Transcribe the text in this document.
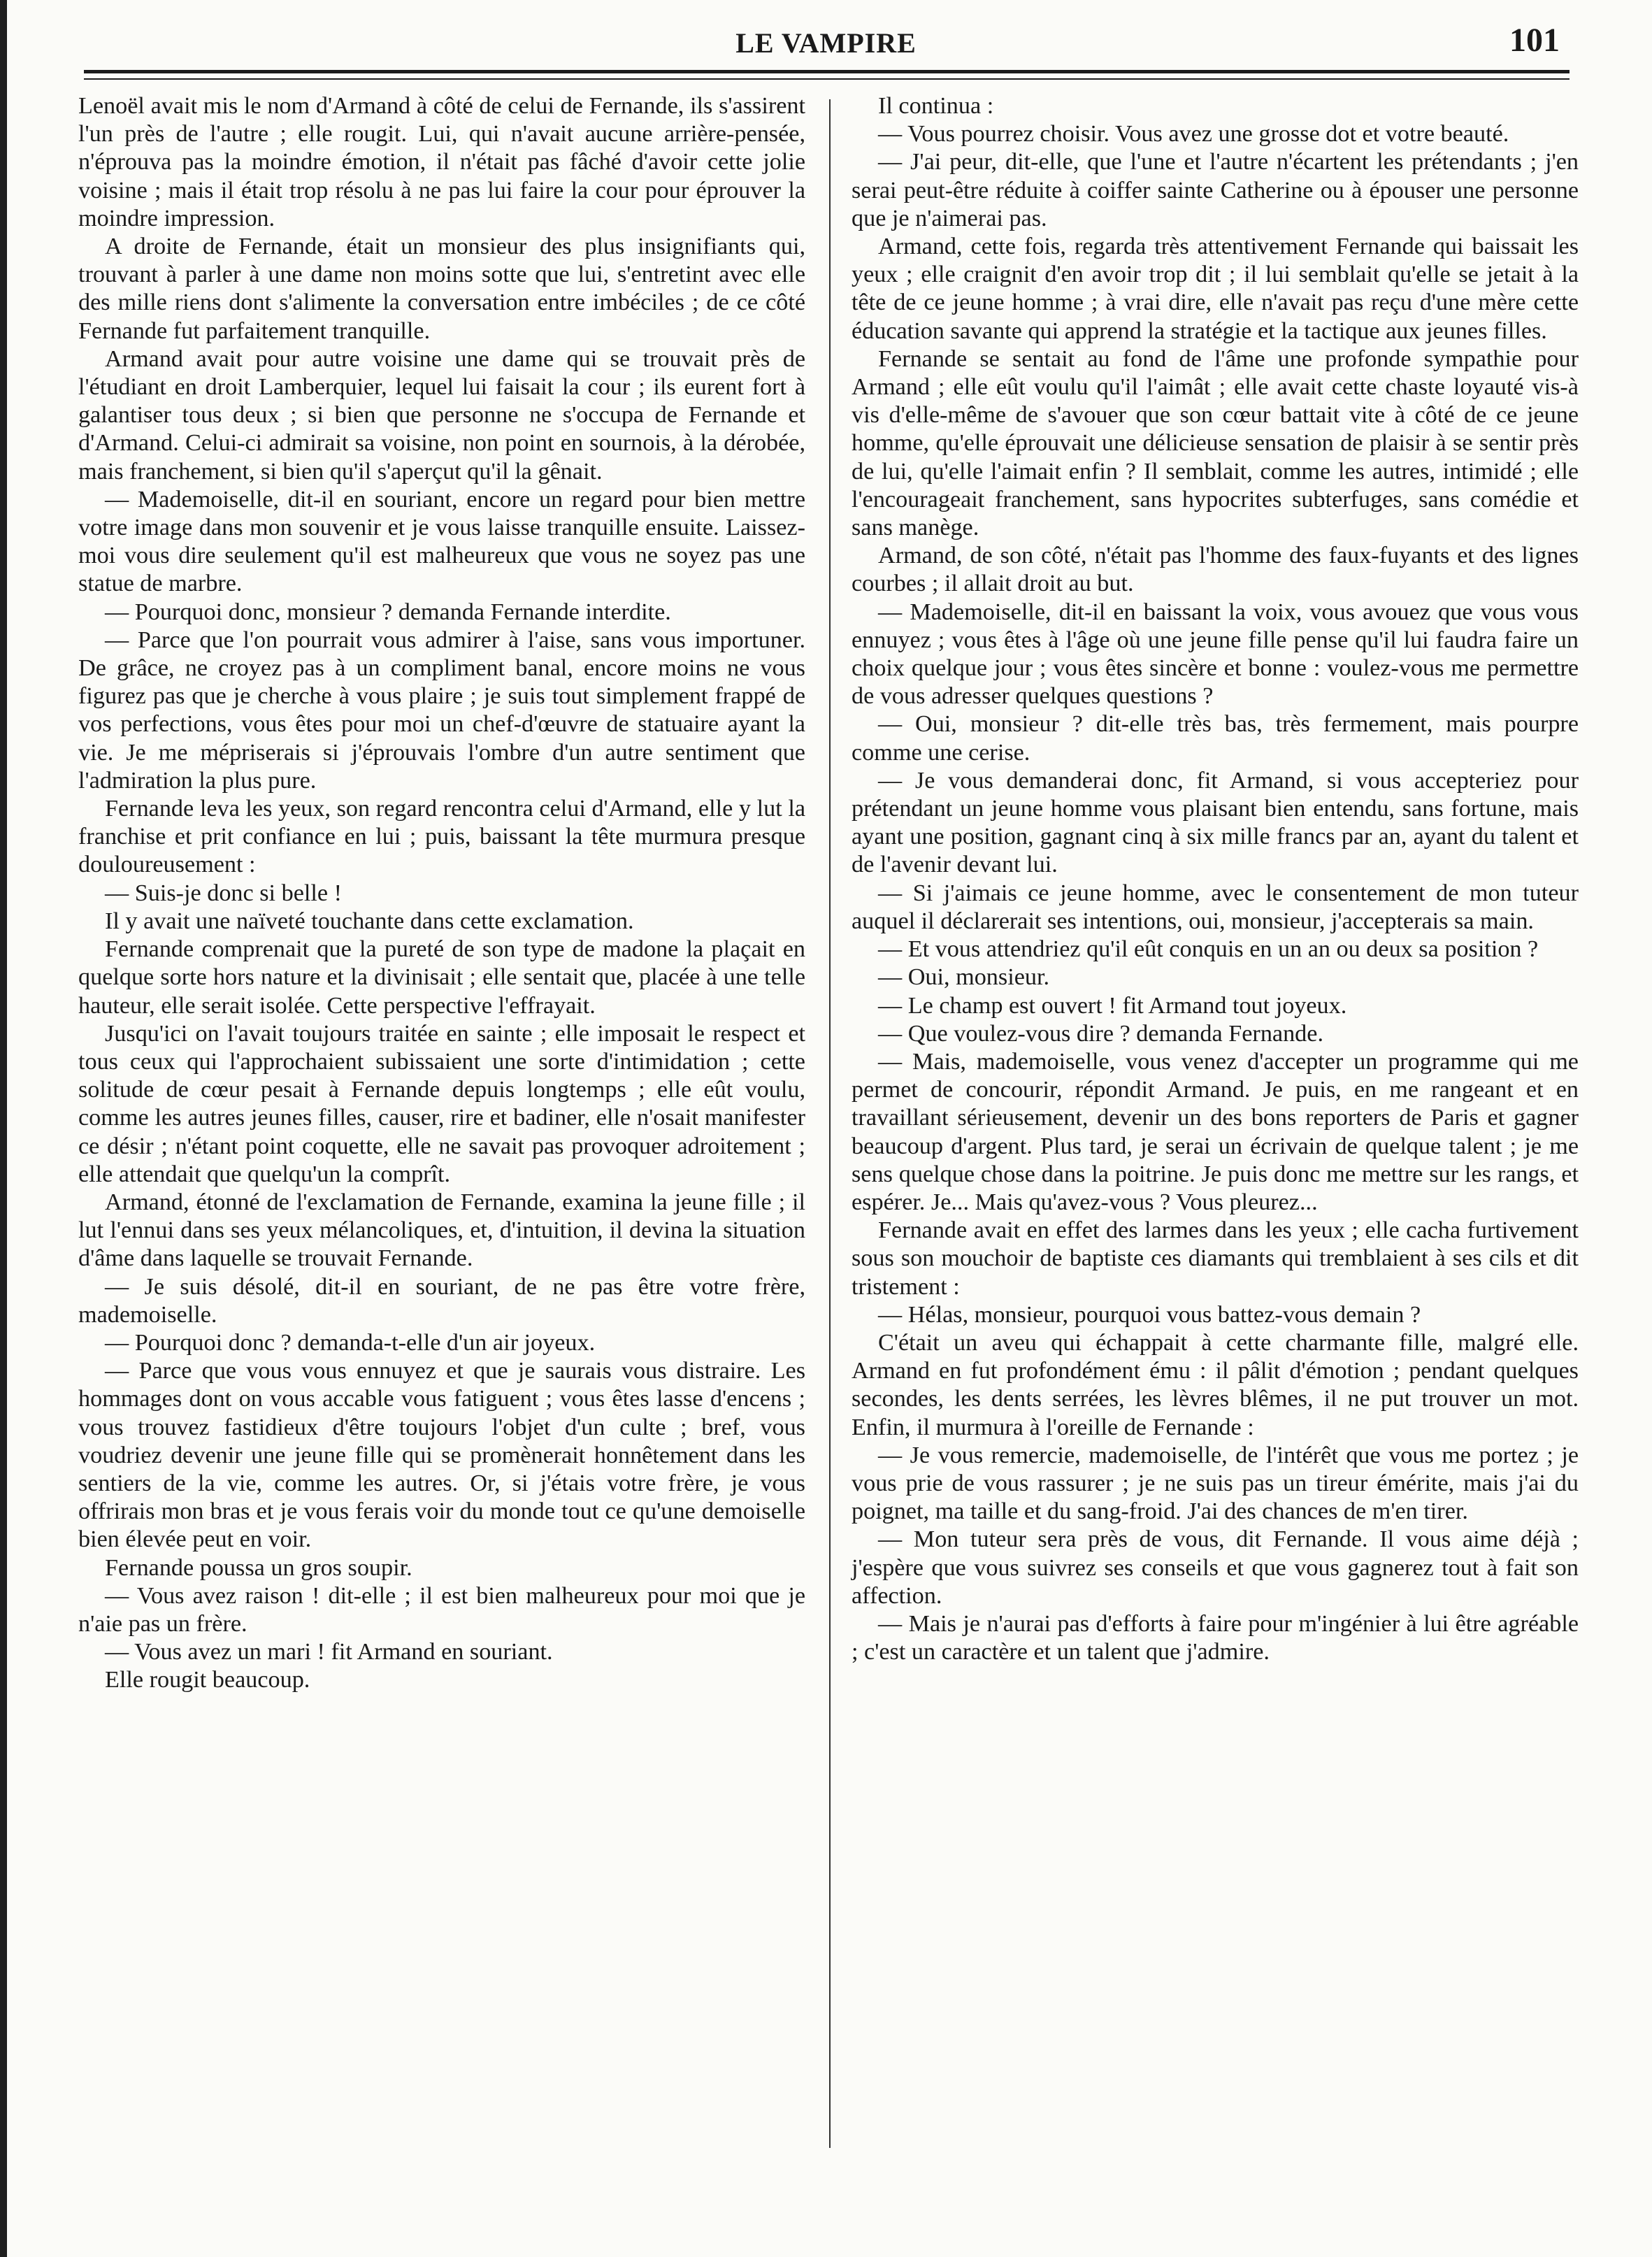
LE VAMPIRE	101

Lenoël avait mis le nom d'Armand à côté de celui de Fernande, ils s'assirent l'un près de l'autre ; elle rougit. Lui, qui n'avait aucune arrière-pensée, n'éprouva pas la moindre émotion, il n'était pas fâché d'avoir cette jolie voisine ; mais il était trop résolu à ne pas lui faire la cour pour éprouver la moindre impression.

A droite de Fernande, était un monsieur des plus insignifiants qui, trouvant à parler à une dame non moins sotte que lui, s'entretint avec elle des mille riens dont s'alimente la conversation entre imbéciles ; de ce côté Fernande fut parfaitement tranquille.

Armand avait pour autre voisine une dame qui se trouvait près de l'étudiant en droit Lamberquier, lequel lui faisait la cour ; ils eurent fort à galantiser tous deux ; si bien que personne ne s'occupa de Fernande et d'Armand. Celui-ci admirait sa voisine, non point en sournois, à la dérobée, mais franchement, si bien qu'il s'aperçut qu'il la gênait.

— Mademoiselle, dit-il en souriant, encore un regard pour bien mettre votre image dans mon souvenir et je vous laisse tranquille ensuite. Laissez-moi vous dire seulement qu'il est malheureux que vous ne soyez pas une statue de marbre.

— Pourquoi donc, monsieur ? demanda Fernande interdite.

— Parce que l'on pourrait vous admirer à l'aise, sans vous importuner. De grâce, ne croyez pas à un compliment banal, encore moins ne vous figurez pas que je cherche à vous plaire ; je suis tout simplement frappé de vos perfections, vous êtes pour moi un chef-d'œuvre de statuaire ayant la vie. Je me mépriserais si j'éprouvais l'ombre d'un autre sentiment que l'admiration la plus pure.

Fernande leva les yeux, son regard rencontra celui d'Armand, elle y lut la franchise et prit confiance en lui ; puis, baissant la tête murmura presque douloureusement :

— Suis-je donc si belle !

Il y avait une naïveté touchante dans cette exclamation.

Fernande comprenait que la pureté de son type de madone la plaçait en quelque sorte hors nature et la divinisait ; elle sentait que, placée à une telle hauteur, elle serait isolée. Cette perspective l'effrayait.

Jusqu'ici on l'avait toujours traitée en sainte ; elle imposait le respect et tous ceux qui l'approchaient subissaient une sorte d'intimidation ; cette solitude de cœur pesait à Fernande depuis longtemps ; elle eût voulu, comme les autres jeunes filles, causer, rire et badiner, elle n'osait manifester ce désir ; n'étant point coquette, elle ne savait pas provoquer adroitement ; elle attendait que quelqu'un la comprît.

Armand, étonné de l'exclamation de Fernande, examina la jeune fille ; il lut l'ennui dans ses yeux mélancoliques, et, d'intuition, il devina la situation d'âme dans laquelle se trouvait Fernande.

— Je suis désolé, dit-il en souriant, de ne pas être votre frère, mademoiselle.

— Pourquoi donc ? demanda-t-elle d'un air joyeux.

— Parce que vous vous ennuyez et que je saurais vous distraire. Les hommages dont on vous accable vous fatiguent ; vous êtes lasse d'encens ; vous trouvez fastidieux d'être toujours l'objet d'un culte ; bref, vous voudriez devenir une jeune fille qui se promènerait honnêtement dans les sentiers de la vie, comme les autres. Or, si j'étais votre frère, je vous offrirais mon bras et je vous ferais voir du monde tout ce qu'une demoiselle bien élevée peut en voir.

Fernande poussa un gros soupir.

— Vous avez raison ! dit-elle ; il est bien malheureux pour moi que je n'aie pas un frère.

— Vous avez un mari ! fit Armand en souriant.

Elle rougit beaucoup.

Il continua :

— Vous pourrez choisir. Vous avez une grosse dot et votre beauté.

— J'ai peur, dit-elle, que l'une et l'autre n'écartent les prétendants ; j'en serai peut-être réduite à coiffer sainte Catherine ou à épouser une personne que je n'aimerai pas.

Armand, cette fois, regarda très attentivement Fernande qui baissait les yeux ; elle craignit d'en avoir trop dit ; il lui semblait qu'elle se jetait à la tête de ce jeune homme ; à vrai dire, elle n'avait pas reçu d'une mère cette éducation savante qui apprend la stratégie et la tactique aux jeunes filles.

Fernande se sentait au fond de l'âme une profonde sympathie pour Armand ; elle eût voulu qu'il l'aimât ; elle avait cette chaste loyauté vis-à vis d'elle-même de s'avouer que son cœur battait vite à côté de ce jeune homme, qu'elle éprouvait une délicieuse sensation de plaisir à se sentir près de lui, qu'elle l'aimait enfin ? Il semblait, comme les autres, intimidé ; elle l'encourageait franchement, sans hypocrites subterfuges, sans comédie et sans manège.

Armand, de son côté, n'était pas l'homme des faux-fuyants et des lignes courbes ; il allait droit au but.

— Mademoiselle, dit-il en baissant la voix, vous avouez que vous vous ennuyez ; vous êtes à l'âge où une jeune fille pense qu'il lui faudra faire un choix quelque jour ; vous êtes sincère et bonne : voulez-vous me permettre de vous adresser quelques questions ?

— Oui, monsieur ? dit-elle très bas, très fermement, mais pourpre comme une cerise.

— Je vous demanderai donc, fit Armand, si vous accepteriez pour prétendant un jeune homme vous plaisant bien entendu, sans fortune, mais ayant une position, gagnant cinq à six mille francs par an, ayant du talent et de l'avenir devant lui.

— Si j'aimais ce jeune homme, avec le consentement de mon tuteur auquel il déclarerait ses intentions, oui, monsieur, j'accepterais sa main.

— Et vous attendriez qu'il eût conquis en un an ou deux sa position ?

— Oui, monsieur.

— Le champ est ouvert ! fit Armand tout joyeux.

— Que voulez-vous dire ? demanda Fernande.

— Mais, mademoiselle, vous venez d'accepter un programme qui me permet de concourir, répondit Armand. Je puis, en me rangeant et en travaillant sérieusement, devenir un des bons reporters de Paris et gagner beaucoup d'argent. Plus tard, je serai un écrivain de quelque talent ; je me sens quelque chose dans la poitrine. Je puis donc me mettre sur les rangs, et espérer. Je... Mais qu'avez-vous ? Vous pleurez...

Fernande avait en effet des larmes dans les yeux ; elle cacha furtivement sous son mouchoir de baptiste ces diamants qui tremblaient à ses cils et dit tristement :

— Hélas, monsieur, pourquoi vous battez-vous demain ?

C'était un aveu qui échappait à cette charmante fille, malgré elle. Armand en fut profondément ému : il pâlit d'émotion ; pendant quelques secondes, les dents serrées, les lèvres blêmes, il ne put trouver un mot. Enfin, il murmura à l'oreille de Fernande :

— Je vous remercie, mademoiselle, de l'intérêt que vous me portez ; je vous prie de vous rassurer ; je ne suis pas un tireur émérite, mais j'ai du poignet, ma taille et du sang-froid. J'ai des chances de m'en tirer.

— Mon tuteur sera près de vous, dit Fernande. Il vous aime déjà ; j'espère que vous suivrez ses conseils et que vous gagnerez tout à fait son affection.

— Mais je n'aurai pas d'efforts à faire pour m'ingénier à lui être agréable ; c'est un caractère et un talent que j'admire.
